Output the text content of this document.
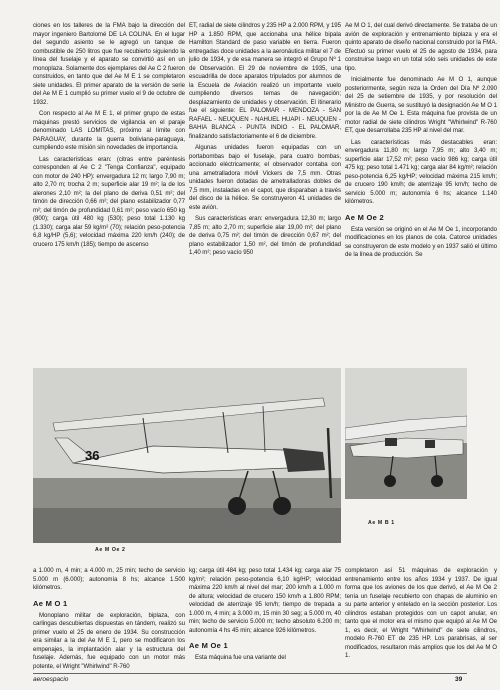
ciones en los talleres de la FMA bajo la dirección del mayor ingeniero Bartolomé DE LA COLINA. En el lugar del segundo asiento se le agregó un tanque de combustible de 250 litros que fue recubierto siguiendo la línea del fuselaje y el aparato se convirtió así en un monoplaza. Solamente dos ejemplares del Ae C 2 fueron construidos, en tanto que del Ae M E 1 se completaron siete unidades. El primer aparato de la versión de serie del Ae M E 1 cumplió su primer vuelo el 9 de octubre de 1932.

Con respecto al Ae M E 1, el primer grupo de estas máquinas prestó servicios de vigilancia en el paraje denominado LAS LOMITAS, próximo al límite con PARAGUAY, durante la guerra boliviana-paraguaya, cumpliendo este misión sin novedades de importancia.

Las características eran: (citras entre paréntesis corresponden al Ae C 2 "Tenga Confianza", equipado con motor de 240 HP): envergadura 12 m; largo 7,90 m; alto 2,70 m; trocha 2 m; superficie alar 19 m²; la de los alerones 2,10 m²; la del plano de deriva 0,51 m²; del timón de dirección 0,66 m²; del plano estabilizador 0,77 m²; del timón de profundidad 0,61 m²; peso vacío 650 kg (800); carga útil 480 kg (530); peso total 1.130 kg (1.330); carga alar 59 kg/m² (70); relación peso-potencia 6,8 kg/HP (5,6); velocidad máxima 220 km/h (240); de crucero 175 km/h (185); tiempo de ascenso

ET, radial de siete cilindros y 235 HP a 2.000 RPM, y 195 HP a 1.850 RPM, que accionaba una hélice bipala Hamilton Standard de paso variable en tierra. Fueron entregadas doce unidades a la aeronáutica militar el 7 de julio de 1934, y de esa manera se integró el Grupo Nº 1 de Observación. El 29 de noviembre de 1935, una escuadrilla de doce aparatos tripulados por alumnos de la Escuela de Aviación realizó un importante vuelo cumpliendo diversos temas de navegación; desplazamiento de unidades y observación. El itinerario fue el siguiente: EL PALOMAR - MENDOZA - SAN RAFAEL - NEUQUEN - NAHUEL HUAPI - NEUQUEN - BAHIA BLANCA - PUNTA INDIO - EL PALOMAR, finalizando satisfactoriamente el 6 de diciembre.

Algunas unidades fueron equipadas con un portabombas bajo el fuselaje, para cuatro bombas, accionado eléctricamente; el observador contaba con una ametralladora móvil Vickers de 7,5 mm. Otras unidades fueron dotadas de ametralladoras dobles de 7,5 mm, instaladas en el capot, que disparaban a través del disco de la hélice. Se construyeron 41 unidades de este avión.

Sus características eran: envergadura 12,30 m; largo 7,85 m; alto 2,70 m; superficie alar 19,00 m²; del plano de deriva 0,75 m²; del timón de dirección 0,67 m²; del plano estabilizador 1,50 m², del timón de profundidad 1,40 m²; peso vacío 950

Ae M O 1, del cual derivó directamente. Se trataba de un avión de exploración y entrenamiento biplaza y era el quinto aparato de diseño nacional construido por la FMA. Efectuó su primer vuelo el 25 de agosto de 1934, para construirse luego en un total sólo seis unidades de este tipo.

Inicialmente fue denominado Ae M O 1, aunque posteriormente, según reza la Orden del Día Nº 2.090 del 25 de setiembre de 1935, y por resolución del Ministro de Guerra, se sustituyó la designación Ae M O 1 por la de Ae M Oe 1. Esta máquina fue provista de un motor radial de siete cilindros Wright "Whirlwind" R-760 ET, que desarrollaba 235 HP al nivel del mar.

Las características más destacables eran: envergadura 11,80 m; largo 7,95 m; alto 3,40 m; superficie alar 17,52 m²; peso vacío 986 kg; carga útil 475 kg; peso total 1.471 kg; carga alar 84 kg/m²; relación peso-potencia 6,25 kg/HP; velocidad máxima 215 km/h; de crucero 190 km/h; de aterrizaje 95 km/h; techo de servicio 5.000 m; autonomía 6 hs; alcance 1.140 kilómetros.

Ae M Oe 2

Esta versión se originó en el Ae M Oe 1, incorporando modificaciones en los planos de cola. Catorce unidades se construyeron de este modelo y en 1937 salió el último de la línea de producción. Se

36
Ae M Oe 2
Ae M B 1

a 1.000 m, 4 min; a 4.000 m, 25 min; techo de servicio 5.000 m (6.000); autonomía 8 hs; alcance 1.500 kilómetros.

Ae M O 1

Monoplano militar de exploración, biplaza, con carlingas descubiertas dispuestas en tándem, realizó su primer vuelo el 25 de enero de 1934. Su construcción era similar a la del Ae M E 1, pero se modificaron los empenajes, la implantación alar y la estructura del fuselaje. Además, fue equipado con un motor más potente, el Wright "Whirlwind" R-760

kg; carga útil 484 kg; peso total 1.434 kg; carga alar 75 kg/m²; relación peso-potencia 6,10 kg/HP; velocidad máxima 220 km/h al nivel del mar; 200 km/h a 1.000 m de altura; velocidad de crucero 150 km/h a 1.800 RPM; velocidad de aterrizaje 95 km/h; tiempo de trepada a 1.000 m, 4 min; a 3.000 m, 15 min 30 seg; a 5.000 m, 40 min; techo de servicio 5.000 m; techo absoluto 6.200 m; autonomía 4 hs 45 min; alcance 926 kilómetros.

Ae M Oe 1

Esta máquina fue una variante del

completaron así 51 máquinas de exploración y entrenamiento entre los años 1934 y 1937. De igual forma que los aviones de los que derivó, el Ae M Oe 2 tenía un fuselaje recubierto con chapas de aluminio en su parte anterior y entelado en la sección posterior. Los cilindros estaban protegidos con un capot anular, en tanto que el motor era el mismo que equipó al Ae M Oe 1, es decir, el Wright "Whirlwind" de siete cilindros, modelo R-760 ET de 235 HP. Los parabrisas, al ser modificados, resultaron más amplios que los del Ae M O 1.

aeroespacio	39
